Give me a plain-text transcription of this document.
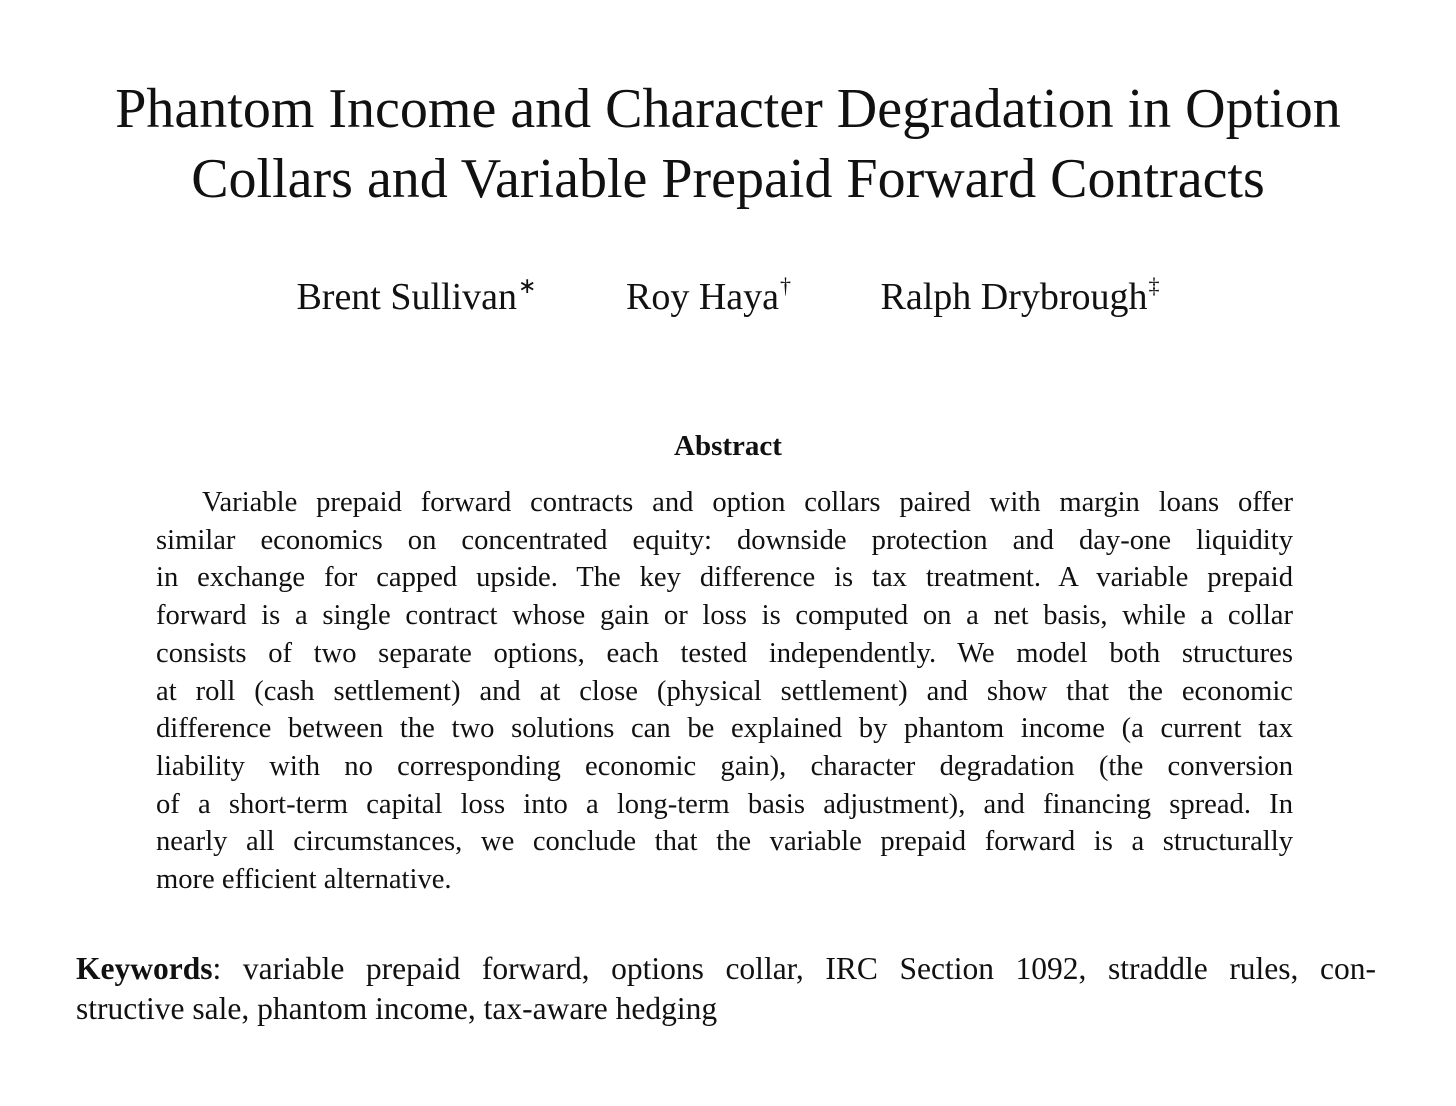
Phantom Income and Character Degradation in Option
Collars and Variable Prepaid Forward Contracts
Brent Sullivan∗ Roy Haya† Ralph Drybrough‡
Abstract
Variable prepaid forward contracts and option collars paired with margin loans offer
similar economics on concentrated equity: downside protection and day-one liquidity
in exchange for capped upside. The key difference is tax treatment. A variable prepaid
forward is a single contract whose gain or loss is computed on a net basis, while a collar
consists of two separate options, each tested independently. We model both structures
at roll (cash settlement) and at close (physical settlement) and show that the economic
difference between the two solutions can be explained by phantom income (a current tax
liability with no corresponding economic gain), character degradation (the conversion
of a short-term capital loss into a long-term basis adjustment), and financing spread. In
nearly all circumstances, we conclude that the variable prepaid forward is a structurally
more efficient alternative.
Keywords: variable prepaid forward, options collar, IRC Section 1092, straddle rules, con-
structive sale, phantom income, tax-aware hedging
